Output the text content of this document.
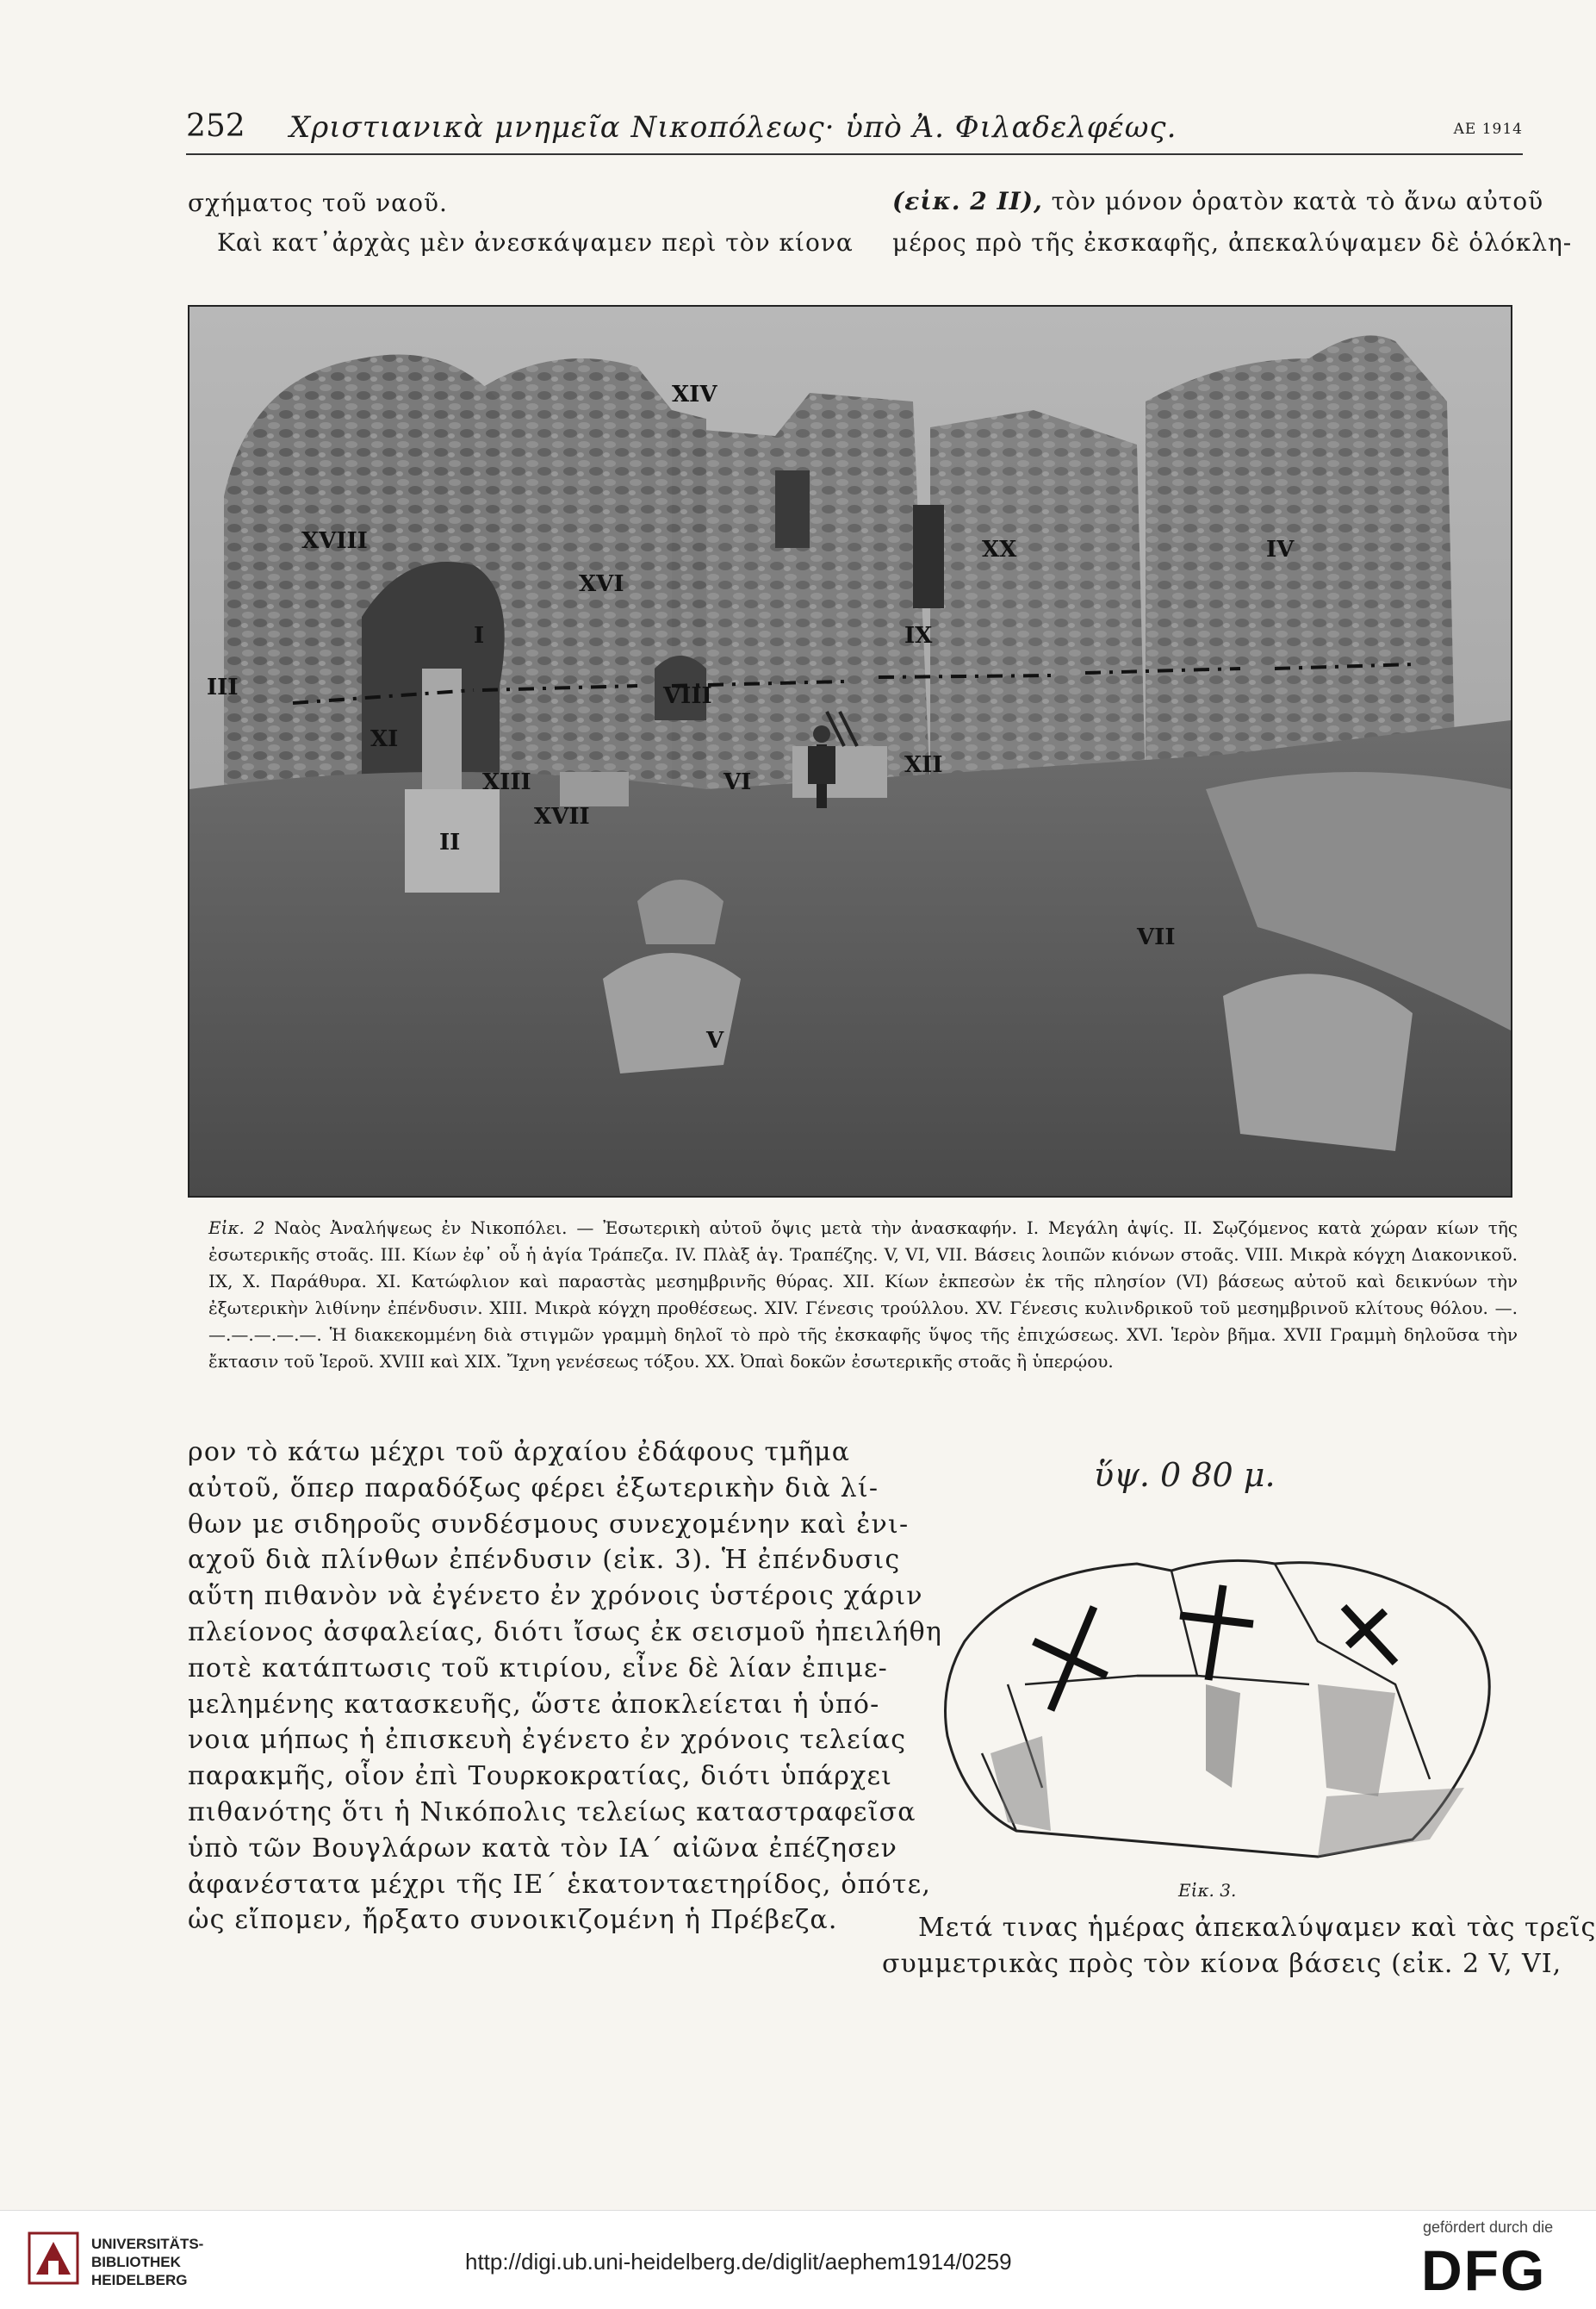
252 Χριστιανικὰ μνημεῖα Νικοπόλεως· ὑπὸ Ἀ. Φιλαδελφέως.	ΑΕ 1914
σχήματος τοῦ ναοῦ.
Καὶ κατ᾽ἀρχὰς μὲν ἀνεσκάψαμεν περὶ τὸν κίονα
(εἰκ. 2 II), τὸν μόνον ὁρατὸν κατὰ τὸ ἄνω αὐτοῦ
μέρος πρὸ τῆς ἐκσκαφῆς, ἀπεκαλύψαμεν δὲ ὁλόκλη-
XIV
XVIII
XVI
I
III	VIII
XX
IX
XI
XIII
XVII
II
VI
XII
VII
V
IV
Εἰκ. 2 Ναὸς Ἀναλήψεως ἐν Νικοπόλει. — Ἐσωτερικὴ αὐτοῦ ὄψις μετὰ τὴν ἀνασκαφήν. I. Μεγάλη ἀψίς. II. Σῳζόμενος κατὰ χώραν κίων τῆς ἐσωτερικῆς στοᾶς. III. Κίων ἐφ᾽ οὗ ἡ ἁγία Τράπεζα. IV. Πλὰξ ἁγ. Τραπέζης. V, VI, VII. Βάσεις λοιπῶν κιόνων στοᾶς. VIII. Μικρὰ κόγχη Διακονικοῦ. IX, X. Παράθυρα. XI. Κατώφλιον καὶ παραστὰς μεσημβρινῆς θύρας. XII. Κίων ἐκπεσὼν ἐκ τῆς πλησίον (VI) βάσεως αὐτοῦ καὶ δεικνύων τὴν ἐξωτερικὴν λιθίνην ἐπένδυσιν. XIII. Μικρὰ κόγχη προθέσεως. XIV. Γένεσις τρούλλου. XV. Γένεσις κυλινδρικοῦ τοῦ μεσημβρινοῦ κλίτους θόλου. —.—.—.—.—.—. Ἡ διακεκομμένη διὰ στιγμῶν γραμμὴ δηλοῖ τὸ πρὸ τῆς ἐκσκαφῆς ὕψος τῆς ἐπιχώσεως. XVI. Ἱερὸν βῆμα. XVII Γραμμὴ δηλοῦσα τὴν ἔκτασιν τοῦ Ἱεροῦ. XVIII καὶ XIX. Ἴχνη γενέσεως τόξου. XX. Ὀπαὶ δοκῶν ἐσωτερικῆς στοᾶς ἢ ὑπερῴου.
ρον τὸ κάτω μέχρι τοῦ ἀρχαίου ἐδάφους τμῆμα
αὐτοῦ, ὅπερ παραδόξως φέρει ἐξωτερικὴν διὰ λί-
θων με σιδηροῦς συνδέσμους συνεχομένην καὶ ἐνι-
αχοῦ διὰ πλίνθων ἐπένδυσιν (εἰκ. 3). Ἡ ἐπένδυσις
αὕτη πιθανὸν νὰ ἐγένετο ἐν χρόνοις ὑστέροις χάριν
πλείονος ἀσφαλείας, διότι ἴσως ἐκ σεισμοῦ ἠπειλήθη
ποτὲ κατάπτωσις τοῦ κτιρίου, εἶνε δὲ λίαν ἐπιμε-
μελημένης κατασκευῆς, ὥστε ἀποκλείεται ἡ ὑπό-
νοια μήπως ἡ ἐπισκευὴ ἐγένετο ἐν χρόνοις τελείας
παρακμῆς, οἷον ἐπὶ Τουρκοκρατίας, διότι ὑπάρχει
πιθανότης ὅτι ἡ Νικόπολις τελείως καταστραφεῖσα
ὑπὸ τῶν Βουγλάρων κατὰ τὸν ΙΑ΄ αἰῶνα ἐπέζησεν
ἀφανέστατα μέχρι τῆς ΙΕ΄ ἑκατονταετηρίδος, ὁπότε,
ὡς εἴπομεν, ἤρξατο συνοικιζομένη ἡ Πρέβεζα.
ὕψ. 0 80 μ.
Εἰκ. 3.
Μετά τινας ἡμέρας ἀπεκαλύψαμεν καὶ τὰς τρεῖς
συμμετρικὰς πρὸς τὸν κίονα βάσεις (εἰκ. 2 V, VI,
UNIVERSITÄTS-
BIBLIOTHEK
HEIDELBERG
http://digi.ub.uni-heidelberg.de/diglit/aephem1914/0259
gefördert durch die
DFG
